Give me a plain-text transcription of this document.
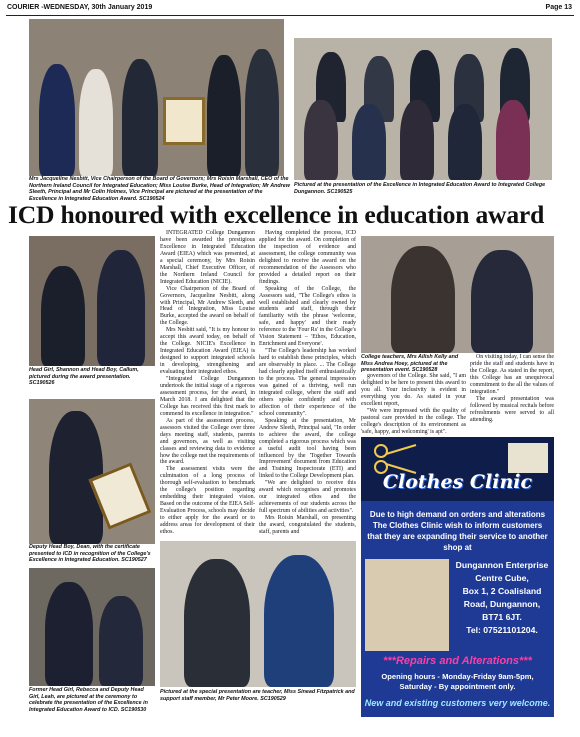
COURIER -WEDNESDAY, 30th January 2019	Page 13
Mrs Jacqueline Nesbitt, Vice Chairperson of the Board of Governors; Mrs Roisin Marshall, CEO of the Northern Ireland Council for Integrated Education; Miss Louise Burke, Head of Integration; Mr Andrew Sleeth, Principal and Mr Colin Holmes, Vice Principal are pictured at the presentation of the Excellence in Integrated Education Award. SC190524
Pictured at the presentation of the Excellence in Integrated Education Award to Integrated College Dungannon. SC190525
ICD honoured with excellence in education award
Head Girl, Shannon and Head Boy, Callum, pictured during the award presentation. SC190526
Deputy Head Boy, Dean, with the certificate presented to ICD in recognition of the College's Excellence in Integrated Education. SC190527
Former Head Girl, Rebecca and Deputy Head Girl, Leah, are pictured at the ceremony to celebrate the presentation of the Excellence in Integrated Education Award to ICD. SC190530

INTEGRATED College Dungannon have been awarded the prestigious Excellence in Integrated Education Award (EIEA) which was presented, at a special ceremony, by Mrs Roisin Marshall, Chief Executive Officer, of the Northern Ireland Council for Integrated Education (NICIE).

Vice Chairperson of the Board of Governors, Jacqueline Nesbitt, along with Principal, Mr Andrew Sleeth, and Head of Integration, Miss Louise Burke, accepted the award on behalf of the College.

Mrs Nesbitt said, "It is my honour to accept this award today, on behalf of the College. NICIE's Excellence in Integrated Education Award (EIEA) is designed to support integrated schools in developing, strengthening and evaluating their integrated ethos.

"Integrated College Dungannon undertook the initial stage of a rigorous assessment process, for the award, in March 2018. I am delighted that the College has received this first mark to commend its excellence in integration."

As part of the assessment process, assessors visited the College over three days meeting staff, students, parents and governors, as well as visiting classes and reviewing data to evidence how the college met the requirements of the award.

The assessment visits were the culmination of a long process of thorough self-evaluation to benchmark the college's position regarding embedding their integrated vision. Based on the outcome of the EIEA Self-Evaluation Process, schools may decide to either apply for the award or to address areas for development of their ethos.

Having completed the process, ICD applied for the award. On completion of the inspection of evidence and assessment, the college community was delighted to receive the award on the recommendation of the Assessors who provided a detailed report on their findings.

Speaking of the College, the Assessors said, "The College's ethos is well established and clearly owned by students and staff, through their familiarity with the phrase 'welcome, safe, and happy' and their ready reference to the 'Four Rs' in the College's Vision Statement – 'Ethos, Education, Enrichment and Everyone'.

"The College's leadership has worked hard to establish these principles, which are observably in place. ... The College had clearly applied itself enthusiastically to the process. The general impression was gained of a thriving, well run integrated college, where the staff and others spoke confidently and with affection of their experience of the school community".

Speaking at the presentation, Mr Andrew Sleeth, Principal said, "In order to achieve the award, the college completed a rigorous process which was a useful audit tool having been influenced by the 'Together Towards Improvement' document from Education and Training Inspectorate (ETI) and linked to the College Development plan.

"We are delighted to receive this award which recognises and promotes our integrated ethos and the achievements of our students across the full spectrum of abilities and activities".

Mrs Roisin Marshall, on presenting the award, congratulated the students, staff, parents and

Pictured at the special presentation are teacher, Miss Sinead Fitzpatrick and support staff member, Mr Peter Moore. SC190529
College teachers, Mrs Ailish Kelly and Miss Andrea Hoey, pictured at the presentation event. SC190528

governors of the College. She said, "I am delighted to be here to present this award to you all. Your inclusivity is evident in everything you do. As stated in your excellent report,

"We were impressed with the quality of pastoral care provided in the college. The college's description of its environment as 'safe, happy, and welcoming' is apt".

On visiting today, I can sense the pride the staff and students have in the College. As stated in the report, this College has an unequivocal commitment to the all the values of integration."

The award presentation was followed by musical recitals before refreshments were served to all attending.

Clothes Clinic
Due to high demand on orders and alterations The Clothes Clinic wish to inform customers that they are expanding their service to another shop at
Dungannon Enterprise
Centre Cube,
Box 1, 2 Coalisland
Road, Dungannon,
BT71 6JT.
Tel: 07521101204.
***Repairs and Alterations***
Opening hours - Monday-Friday 9am-5pm,
Saturday - By appointment only.
New and existing customers very welcome.
